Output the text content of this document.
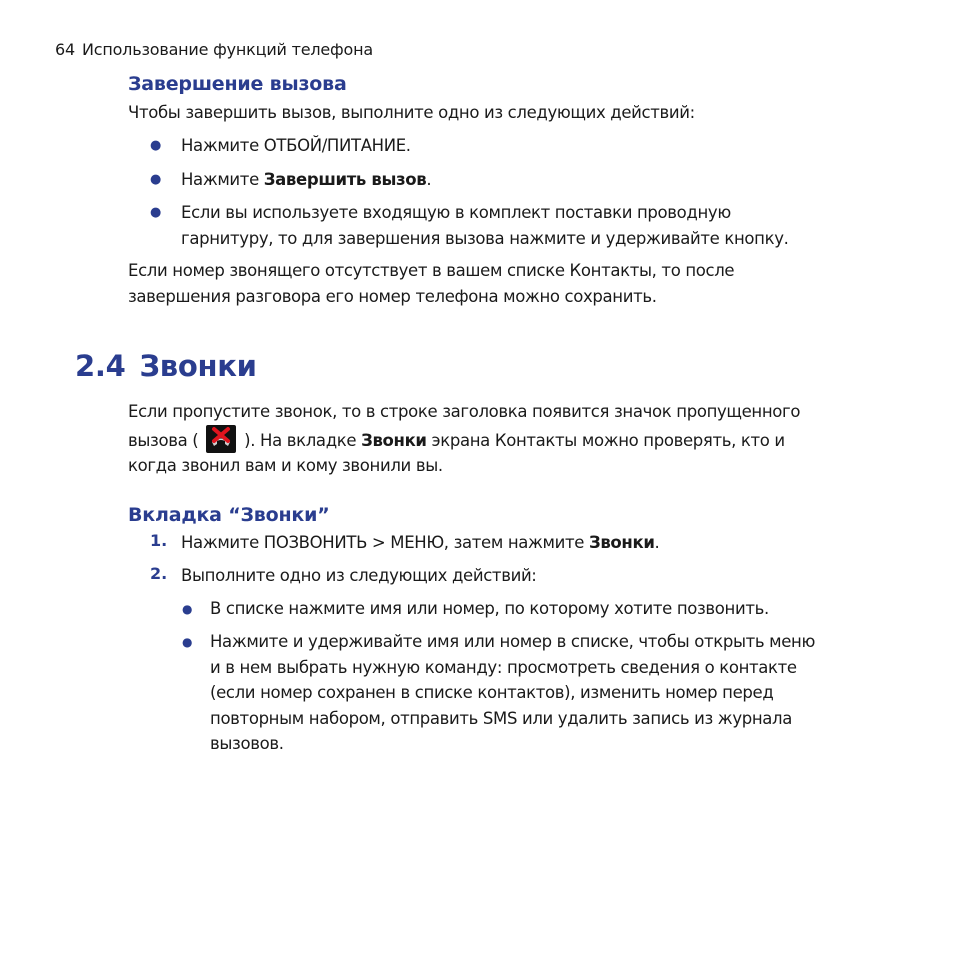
64 Использование функций телефона
Завершение вызова
Чтобы завершить вызов, выполните одно из следующих действий:
● Нажмите ОТБОЙ/ПИТАНИЕ.
● Нажмите Завершить вызов.
● Если вы используете входящую в комплект поставки проводную
гарнитуру, то для завершения вызова нажмите и удерживайте кнопку.
Если номер звонящего отсутствует в вашем списке Контакты, то после
завершения разговора его номер телефона можно сохранить.
2.4 Звонки
Если пропустите звонок, то в строке заголовка появится значок пропущенного
вызова (	). На вкладке Звонки экрана Контакты можно проверять, кто и
когда звонил вам и кому звонили вы.
Вкладка “Звонки”
1. Нажмите ПОЗВОНИТЬ > МЕНЮ, затем нажмите Звонки.
2. Выполните одно из следующих действий:
● В списке нажмите имя или номер, по которому хотите позвонить.
● Нажмите и удерживайте имя или номер в списке, чтобы открыть меню
и в нем выбрать нужную команду: просмотреть сведения о контакте
(если номер сохранен в списке контактов), изменить номер перед
повторным набором, отправить SMS или удалить запись из журнала
вызовов.
